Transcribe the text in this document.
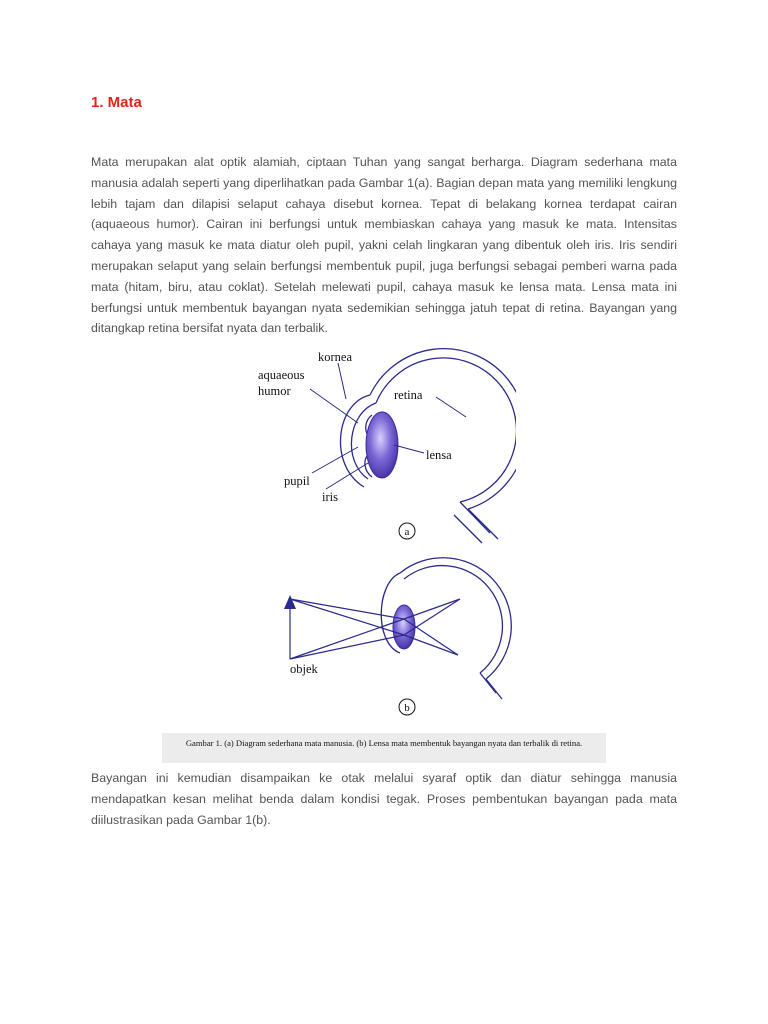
1. Mata

Mata merupakan alat optik alamiah, ciptaan Tuhan yang sangat berharga. Diagram sederhana mata manusia adalah seperti yang diperlihatkan pada Gambar 1(a). Bagian depan mata yang memiliki lengkung lebih tajam dan dilapisi selaput cahaya disebut kornea. Tepat di belakang kornea terdapat cairan (aquaeous humor). Cairan ini berfungsi untuk membiaskan cahaya yang masuk ke mata. Intensitas cahaya yang masuk ke mata diatur oleh pupil, yakni celah lingkaran yang dibentuk oleh iris. Iris sendiri merupakan selaput yang selain berfungsi membentuk pupil, juga berfungsi sebagai pemberi warna pada mata (hitam, biru, atau coklat). Setelah melewati pupil, cahaya masuk ke lensa mata. Lensa mata ini berfungsi untuk membentuk bayangan nyata sedemikian sehingga jatuh tepat di retina. Bayangan yang ditangkap retina bersifat nyata dan terbalik.

kornea
aquaeous
humor	retina
lensa
pupil
iris
a
objek
b
Gambar 1. (a) Diagram sederhana mata manusia. (b) Lensa mata membentuk bayangan nyata dan terbalik di retina.

Bayangan ini kemudian disampaikan ke otak melalui syaraf optik dan diatur sehingga manusia mendapatkan kesan melihat benda dalam kondisi tegak. Proses pembentukan bayangan pada mata diilustrasikan pada Gambar 1(b).
